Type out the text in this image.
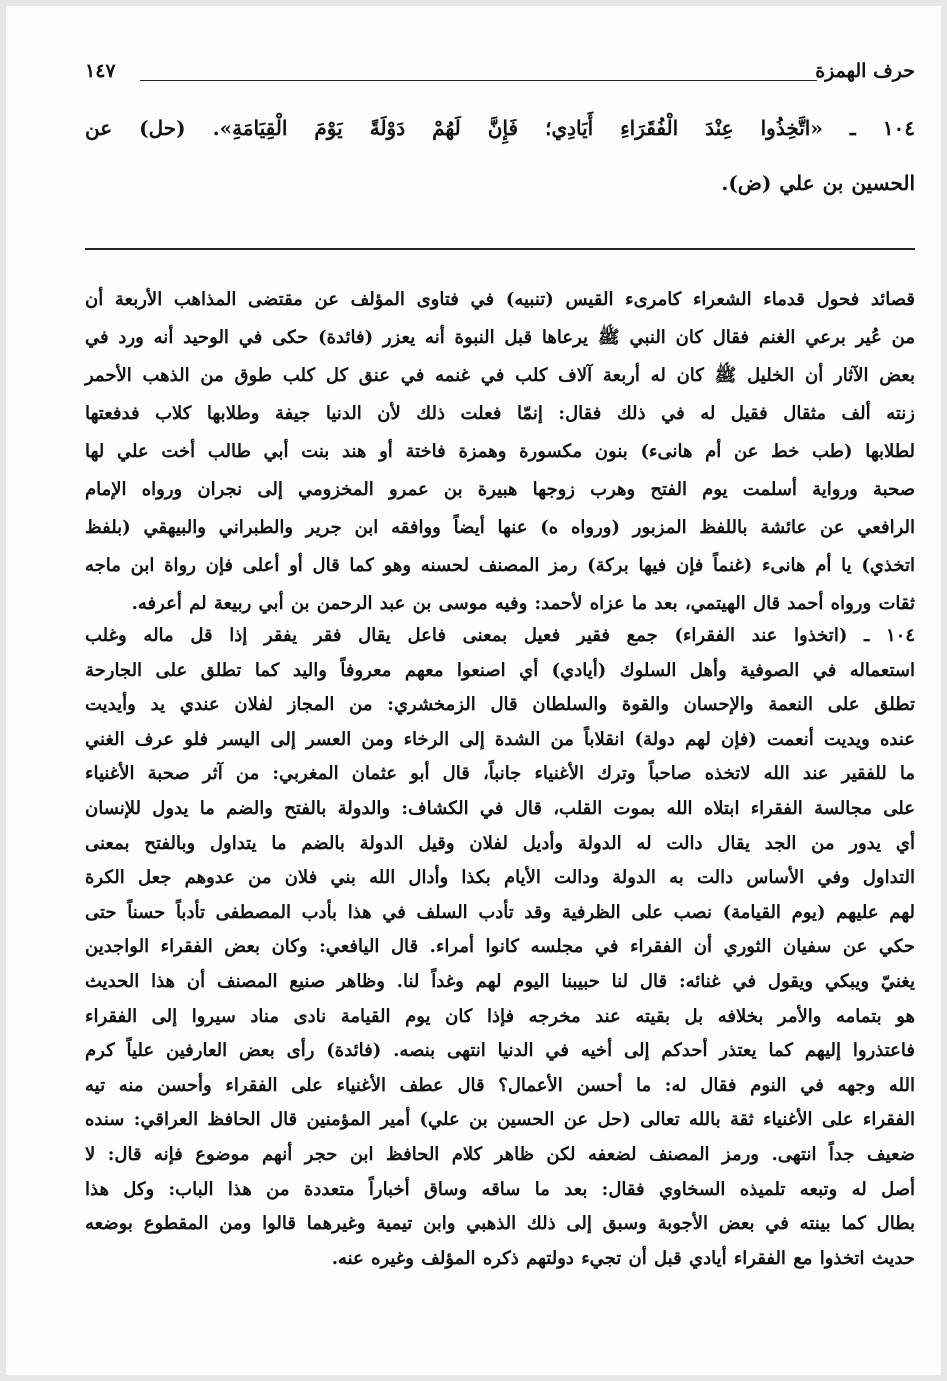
حرف الهمزة
١٤٧
١٠٤ ـ «اتَّخِذُوا عِنْدَ الْفُقَرَاءِ أَيَادِي؛ فَإِنَّ لَهُمْ دَوْلَةً يَوْمَ الْقِيَامَةِ». (حل) عن
الحسين بن علي (ض).
قصائد فحول قدماء الشعراء كامرىء القيس (تنبيه) في فتاوى المؤلف عن مقتضى المذاهب الأربعة أن
من عُير برعي الغنم فقال كان النبي ﷺ يرعاها قبل النبوة أنه يعزر (فائدة) حكى في الوحيد أنه ورد في
بعض الآثار أن الخليل ﷺ كان له أربعة آلاف كلب في غنمه في عنق كل كلب طوق من الذهب الأحمر
زنته ألف مثقال فقيل له في ذلك فقال: إنمّا فعلت ذلك لأن الدنيا جيفة وطلابها كلاب فدفعتها
لطلابها (طب خط عن أم هانىء) بنون مكسورة وهمزة فاختة أو هند بنت أبي طالب أخت علي لها
صحبة ورواية أسلمت يوم الفتح وهرب زوجها هبيرة بن عمرو المخزومي إلى نجران ورواه الإمام
الرافعي عن عائشة باللفظ المزبور (ورواه ه) عنها أيضاً ووافقه ابن جرير والطبراني والبيهقي (بلفظ
اتخذي) يا أم هانىء (غنماً فإن فيها بركة) رمز المصنف لحسنه وهو كما قال أو أعلى فإن رواة ابن ماجه
ثقات ورواه أحمد قال الهيتمي، بعد ما عزاه لأحمد: وفيه موسى بن عبد الرحمن بن أبي ربيعة لم أعرفه.
١٠٤ ـ (اتخذوا عند الفقراء) جمع فقير فعيل بمعنى فاعل يقال فقر يفقر إذا قل ماله وغلب
استعماله في الصوفية وأهل السلوك (أيادي) أي اصنعوا معهم معروفاً واليد كما تطلق على الجارحة
تطلق على النعمة والإحسان والقوة والسلطان قال الزمخشري: من المجاز لفلان عندي يد وأيديت
عنده ويديت أنعمت (فإن لهم دولة) انقلاباً من الشدة إلى الرخاء ومن العسر إلى اليسر فلو عرف الغني
ما للفقير عند الله لاتخذه صاحباً وترك الأغنياء جانباً، قال أبو عثمان المغربي: من آثر صحبة الأغنياء
على مجالسة الفقراء ابتلاه الله بموت القلب، قال في الكشاف: والدولة بالفتح والضم ما يدول للإنسان
أي يدور من الجد يقال دالت له الدولة وأديل لفلان وقيل الدولة بالضم ما يتداول وبالفتح بمعنى
التداول وفي الأساس دالت به الدولة ودالت الأيام بكذا وأدال الله بني فلان من عدوهم جعل الكرة
لهم عليهم (يوم القيامة) نصب على الظرفية وقد تأدب السلف في هذا بأدب المصطفى تأدباً حسناً حتى
حكي عن سفيان الثوري أن الفقراء في مجلسه كانوا أمراء. قال اليافعي: وكان بعض الفقراء الواجدين
يغنيّ ويبكي ويقول في غنائه: قال لنا حبيبنا اليوم لهم وغداً لنا. وظاهر صنيع المصنف أن هذا الحديث
هو بتمامه والأمر بخلافه بل بقيته عند مخرجه فإذا كان يوم القيامة نادى مناد سيروا إلى الفقراء
فاعتذروا إليهم كما يعتذر أحدكم إلى أخيه في الدنيا انتهى بنصه. (فائدة) رأى بعض العارفين علياً كرم
الله وجهه في النوم فقال له: ما أحسن الأعمال؟ قال عطف الأغنياء على الفقراء وأحسن منه تيه
الفقراء على الأغنياء ثقة بالله تعالى (حل عن الحسين بن علي) أمير المؤمنين قال الحافظ العراقي: سنده
ضعيف جداً انتهى. ورمز المصنف لضعفه لكن ظاهر كلام الحافظ ابن حجر أنهم موضوع فإنه قال: لا
أصل له وتبعه تلميذه السخاوي فقال: بعد ما ساقه وساق أخباراً متعددة من هذا الباب: وكل هذا
بطال كما بينته في بعض الأجوبة وسبق إلى ذلك الذهبي وابن تيمية وغيرهما قالوا ومن المقطوع بوضعه
حديث اتخذوا مع الفقراء أيادي قبل أن تجيء دولتهم ذكره المؤلف وغيره عنه.
